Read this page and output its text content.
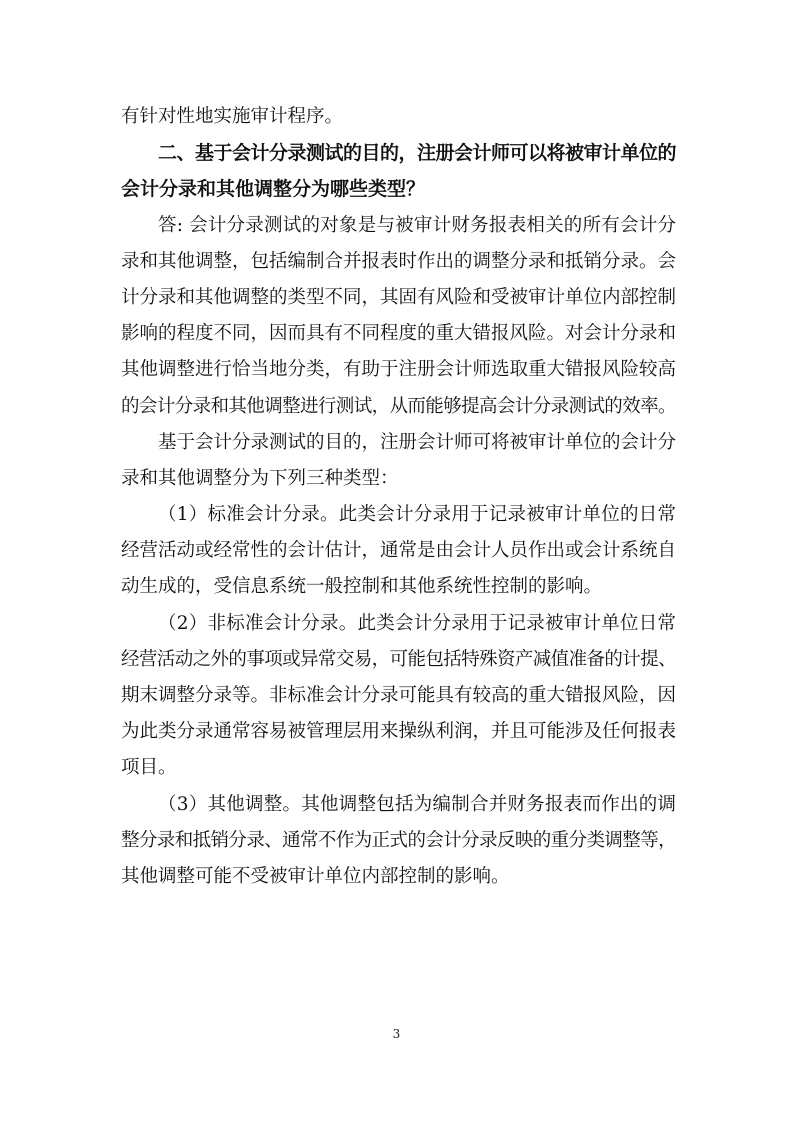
有针对性地实施审计程序。
二、基于会计分录测试的目的，注册会计师可以将被审计单位的
会计分录和其他调整分为哪些类型？
答: 会计分录测试的对象是与被审计财务报表相关的所有会计分
录和其他调整，包括编制合并报表时作出的调整分录和抵销分录。会
计分录和其他调整的类型不同，其固有风险和受被审计单位内部控制
影响的程度不同，因而具有不同程度的重大错报风险。对会计分录和
其他调整进行恰当地分类，有助于注册会计师选取重大错报风险较高
的会计分录和其他调整进行测试，从而能够提高会计分录测试的效率。
基于会计分录测试的目的，注册会计师可将被审计单位的会计分
录和其他调整分为下列三种类型：
（1）标准会计分录。此类会计分录用于记录被审计单位的日常
经营活动或经常性的会计估计，通常是由会计人员作出或会计系统自
动生成的，受信息系统一般控制和其他系统性控制的影响。
（2）非标准会计分录。此类会计分录用于记录被审计单位日常
经营活动之外的事项或异常交易，可能包括特殊资产减值准备的计提、
期末调整分录等。非标准会计分录可能具有较高的重大错报风险，因
为此类分录通常容易被管理层用来操纵利润，并且可能涉及任何报表
项目。
（3）其他调整。其他调整包括为编制合并财务报表而作出的调
整分录和抵销分录、通常不作为正式的会计分录反映的重分类调整等，
其他调整可能不受被审计单位内部控制的影响。
3
